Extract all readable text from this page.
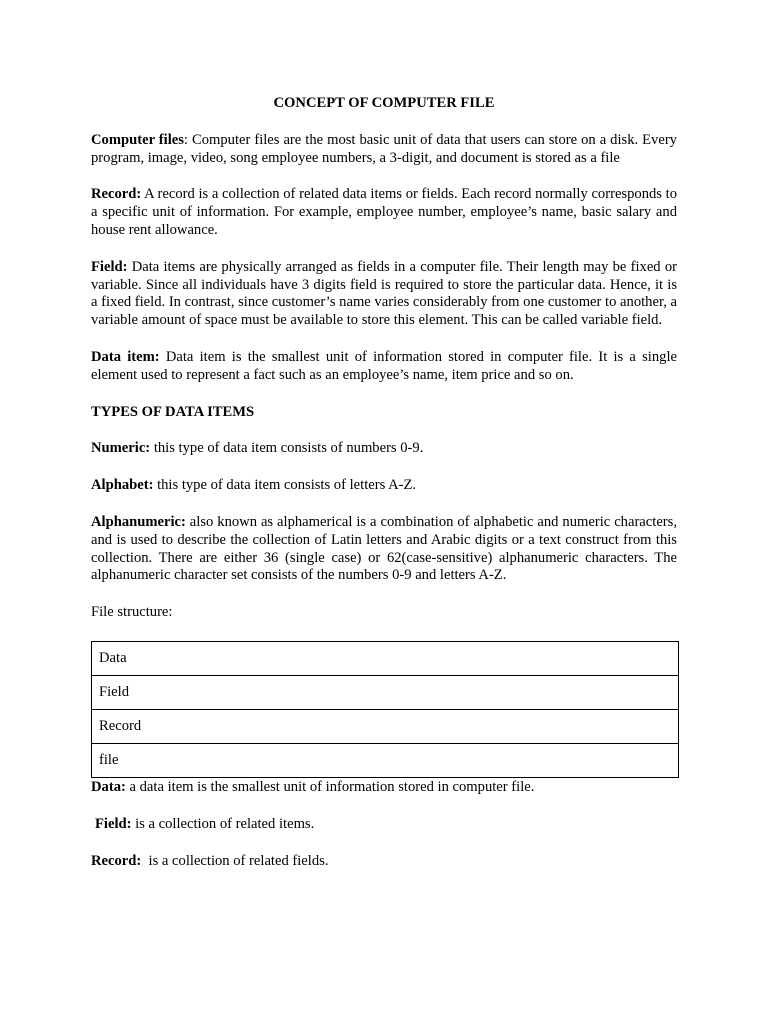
CONCEPT OF COMPUTER FILE

Computer files: Computer files are the most basic unit of data that users can store on a disk. Every program, image, video, song employee numbers, a 3-digit, and document is stored as a file

Record: A record is a collection of related data items or fields. Each record normally corresponds to a specific unit of information. For example, employee number, employee’s name, basic salary and house rent allowance.

Field: Data items are physically arranged as fields in a computer file. Their length may be fixed or variable. Since all individuals have 3 digits field is required to store the particular data. Hence, it is a fixed field. In contrast, since customer’s name varies considerably from one customer to another, a variable amount of space must be available to store this element. This can be called variable field.

Data item: Data item is the smallest unit of information stored in computer file. It is a single element used to represent a fact such as an employee’s name, item price and so on.

TYPES OF DATA ITEMS

Numeric: this type of data item consists of numbers 0-9.

Alphabet: this type of data item consists of letters A-Z.

Alphanumeric: also known as alphamerical is a combination of alphabetic and numeric characters, and is used to describe the collection of Latin letters and Arabic digits or a text construct from this collection. There are either 36 (single case) or 62(case-sensitive) alphanumeric characters. The alphanumeric character set consists of the numbers 0-9 and letters A-Z.

File structure:

Data
Field
Record
file

Data: a data item is the smallest unit of information stored in computer file.

Field: is a collection of related items.

Record:  is a collection of related fields.
